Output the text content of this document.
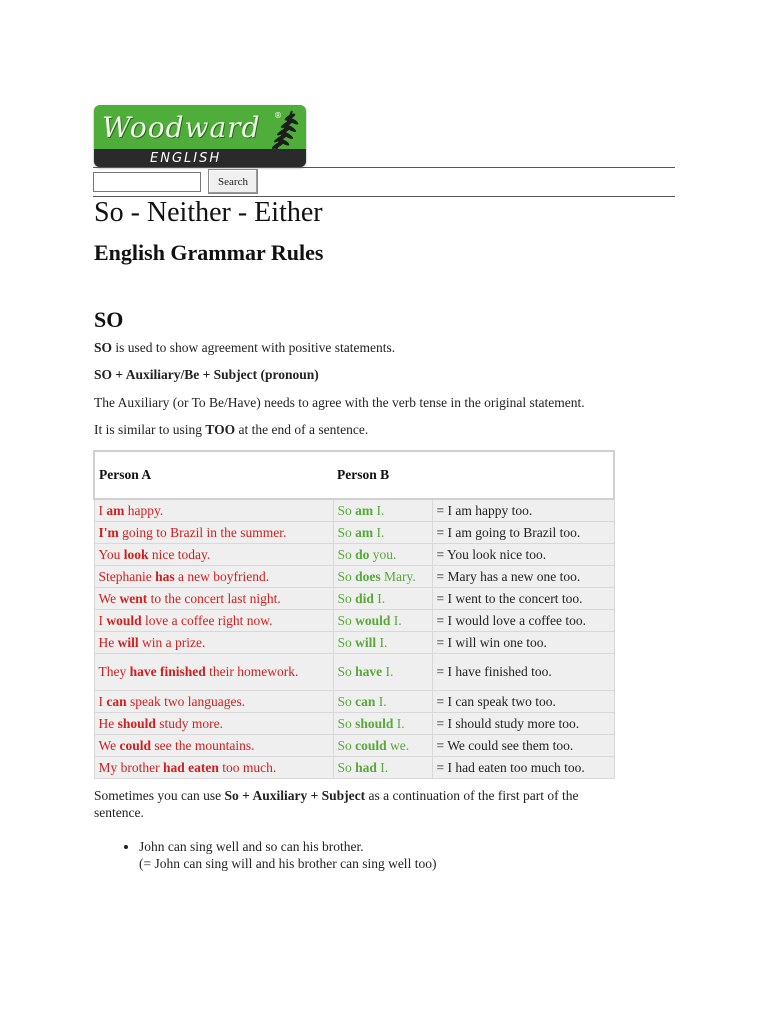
Woodward ®
ENGLISH
Search
So - Neither - Either
English Grammar Rules
SO

SO is used to show agreement with positive statements.

SO + Auxiliary/Be + Subject (pronoun)

The Auxiliary (or To Be/Have) needs to agree with the verb tense in the original statement.

It is similar to using TOO at the end of a sentence.

Person A	Person B	
I am happy.	So am I.	= I am happy too.
I'm going to Brazil in the summer.	So am I.	= I am going to Brazil too.
You look nice today.	So do you.	= You look nice too.
Stephanie has a new boyfriend.	So does Mary.	= Mary has a new one too.
We went to the concert last night.	So did I.	= I went to the concert too.
I would love a coffee right now.	So would I.	= I would love a coffee too.
He will win a prize.	So will I.	= I will win one too.
They have finished their homework.	So have I.	= I have finished too.
I can speak two languages.	So can I.	= I can speak two too.
He should study more.	So should I.	= I should study more too.
We could see the mountains.	So could we.	= We could see them too.
My brother had eaten too much.	So had I.	= I had eaten too much too.

Sometimes you can use So + Auxiliary + Subject as a continuation of the first part of the

sentence.

• John can sing well and so can his brother.
(= John can sing will and his brother can sing well too)
